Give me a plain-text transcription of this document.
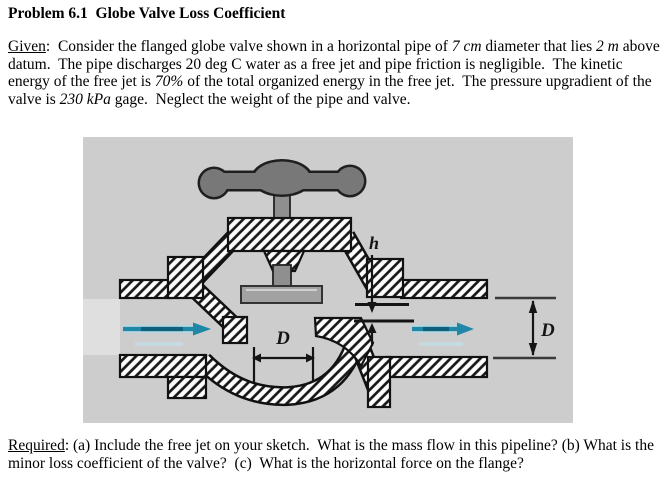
Problem 6.1  Globe Valve Loss Coefficient
Given:  Consider the flanged globe valve shown in a horizontal pipe of 7 cm diameter that lies 2 m above datum.  The pipe discharges 20 deg C water as a free jet and pipe friction is negligible.  The kinetic energy of the free jet is 70% of the total organized energy in the free jet.  The pressure upgradient of the valve is 230 kPa gage.  Neglect the weight of the pipe and valve.
h
D	D
Required: (a) Include the free jet on your sketch.  What is the mass flow in this pipeline? (b) What is the minor loss coefficient of the valve?  (c)  What is the horizontal force on the flange?
